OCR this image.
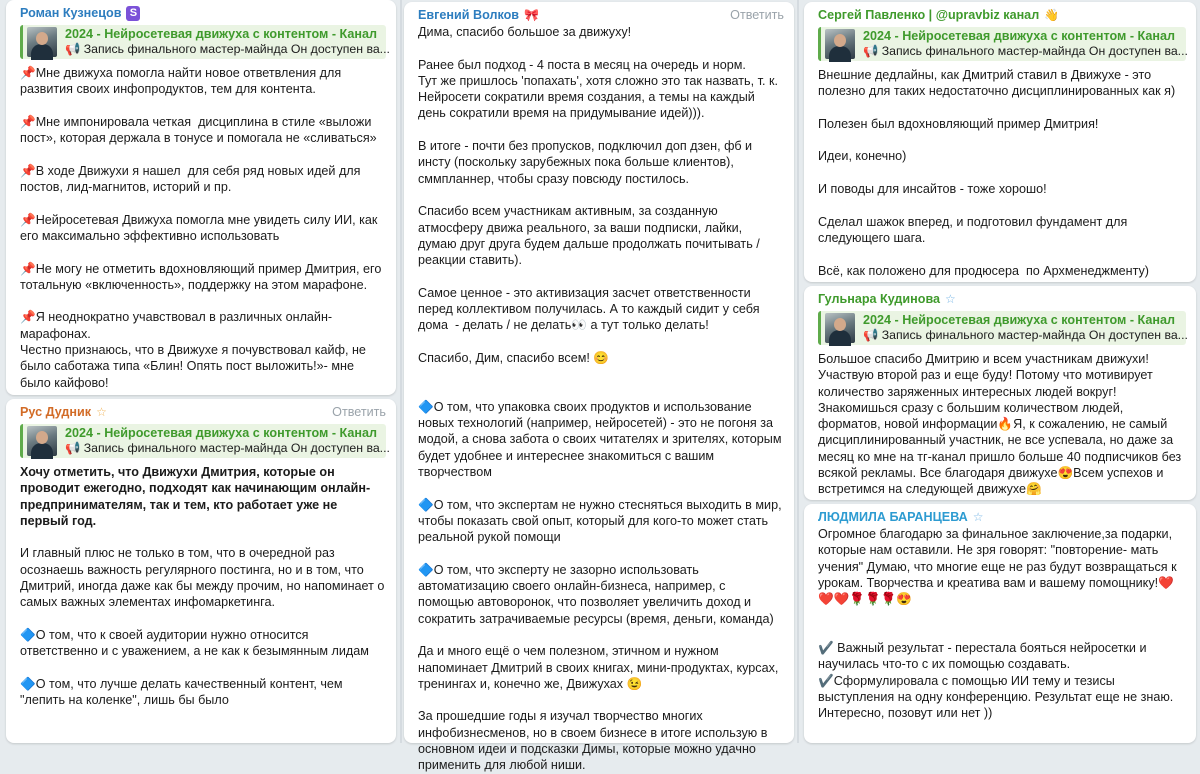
Роман Кузнецов S
2024 - Нейросетевая движуха с контентом - Канал
📢 Запись финального мастер-майнда Он доступен ва...
📌Мне движуха помогла найти новое ответвления для развития своих инфопродуктов, тем для контента.
📌Мне импонировала четкая  дисциплина в стиле «выложи пост», которая держала в тонусе и помогала не «сливаться»
📌В ходе Движухи я нашел  для себя ряд новых идей для постов, лид-магнитов, историй и пр.
📌Нейросетевая Движуха помогла мне увидеть силу ИИ, как его максимально эффективно использовать
📌Не могу не отметить вдохновляющий пример Дмитрия, его тотальную «включенность», поддержку на этом марафоне.
📌Я неоднократно учавствовал в различных онлайн-марафонах.
Честно признаюсь, что в Движухе я почувствовал кайф, не было саботажа типа «Блин! Опять пост выложить!»- мне было кайфово!
Рус Дудник ☆	Ответить
2024 - Нейросетевая движуха с контентом - Канал
📢 Запись финального мастер-майнда Он доступен ва...
Хочу отметить, что Движухи Дмитрия, которые он проводит ежегодно, подходят как начинающим онлайн-предпринимателям, так и тем, кто работает уже не первый год.
И главный плюс не только в том, что в очередной раз осознаешь важность регулярного постинга, но и в том, что Дмитрий, иногда даже как бы между прочим, но напоминает о самых важных элементах инфомаркетинга.
🔷О том, что к своей аудитории нужно относится ответственно и с уважением, а не как к безымянным лидам
🔷О том, что лучше делать качественный контент, чем "лепить на коленке", лишь бы было
Евгений Волков 🎀	Ответить
Дима, спасибо большое за движуху!
Ранее был подход - 4 поста в месяц на очередь и норм.
Тут же пришлось 'попахать', хотя сложно это так назвать, т. к. Нейросети сократили время создания, а темы на каждый день сократили время на придумывание идей))).
В итоге - почти без пропусков, подключил доп дзен, фб и инсту (поскольку зарубежных пока больше клиентов), сммпланнер, чтобы сразу повсюду постилось.
Спасибо всем участникам активным, за созданную атмосферу движа реального, за ваши подписки, лайки, думаю друг друга будем дальше продолжать почитывать / реакции ставить).
Самое ценное - это активизация засчет ответственности перед коллективом получилась. А то каждый сидит у себя дома  - делать / не делать👀 а тут только делать!
Спасибо, Дим, спасибо всем! 😊
🔷О том, что упаковка своих продуктов и использование новых технологий (например, нейросетей) - это не погоня за модой, а снова забота о своих читателях и зрителях, которым будет удобнее и интереснее знакомиться с вашим творчеством
🔷О том, что экспертам не нужно стесняться выходить в мир, чтобы показать свой опыт, который для кого-то может стать реальной рукой помощи
🔷О том, что эксперту не зазорно использовать автоматизацию своего онлайн-бизнеса, например, с помощью автоворонок, что позволяет увеличить доход и сократить затрачиваемые ресурсы (время, деньги, команда)
Да и много ещё о чем полезном, этичном и нужном напоминает Дмитрий в своих книгах, мини-продуктах, курсах, тренингах и, конечно же, Движухах 😉
За прошедшие годы я изучал творчество многих инфобизнесменов, но в своем бизнесе в итоге использую в основном идеи и подсказки Димы, которые можно удачно применить для любой ниши.
Сергей Павленко | @upravbiz канал 👋
2024 - Нейросетевая движуха с контентом - Канал
📢 Запись финального мастер-майнда Он доступен ва...
Внешние дедлайны, как Дмитрий ставил в Движухе - это полезно для таких недостаточно дисциплинированных как я)
Полезен был вдохновляющий пример Дмитрия!
Идеи, конечно)
И поводы для инсайтов - тоже хорошо!
Сделал шажок вперед, и подготовил фундамент для следующего шага.
Всё, как положено для продюсера  по Архменеджменту)
Гульнара Кудинова ☆
2024 - Нейросетевая движуха с контентом - Канал
📢 Запись финального мастер-майнда Он доступен ва...
Большое спасибо Дмитрию и всем участникам движухи! Участвую второй раз и еще буду! Потому что мотивирует количество заряженных интересных людей вокруг! Знакомишься сразу с большим количеством людей, форматов, новой информации🔥Я, к сожалению, не самый дисциплинированный участник, не все успевала, но даже за месяц ко мне на тг-канал пришло больше 40 подписчиков без всякой рекламы. Все благодаря движухе😍Всем успехов и встретимся на следующей движухе🤗
ЛЮДМИЛА БАРАНЦЕВА ☆
Огромное благодарю за финальное заключение,за подарки, которые нам оставили. Не зря говорят: "повторение- мать учения" Думаю, что многие еще не раз будут возвращаться к урокам. Творчества и креатива вам и вашему помощнику!❤️❤️❤️🌹🌹🌹😍
✔️ Важный результат - перестала бояться нейросетки и научилась что-то с их помощью создавать.
✔️Сформулировала с помощью ИИ тему и тезисы выступления на одну конференцию. Результат еще не знаю. Интересно, позовут или нет ))
